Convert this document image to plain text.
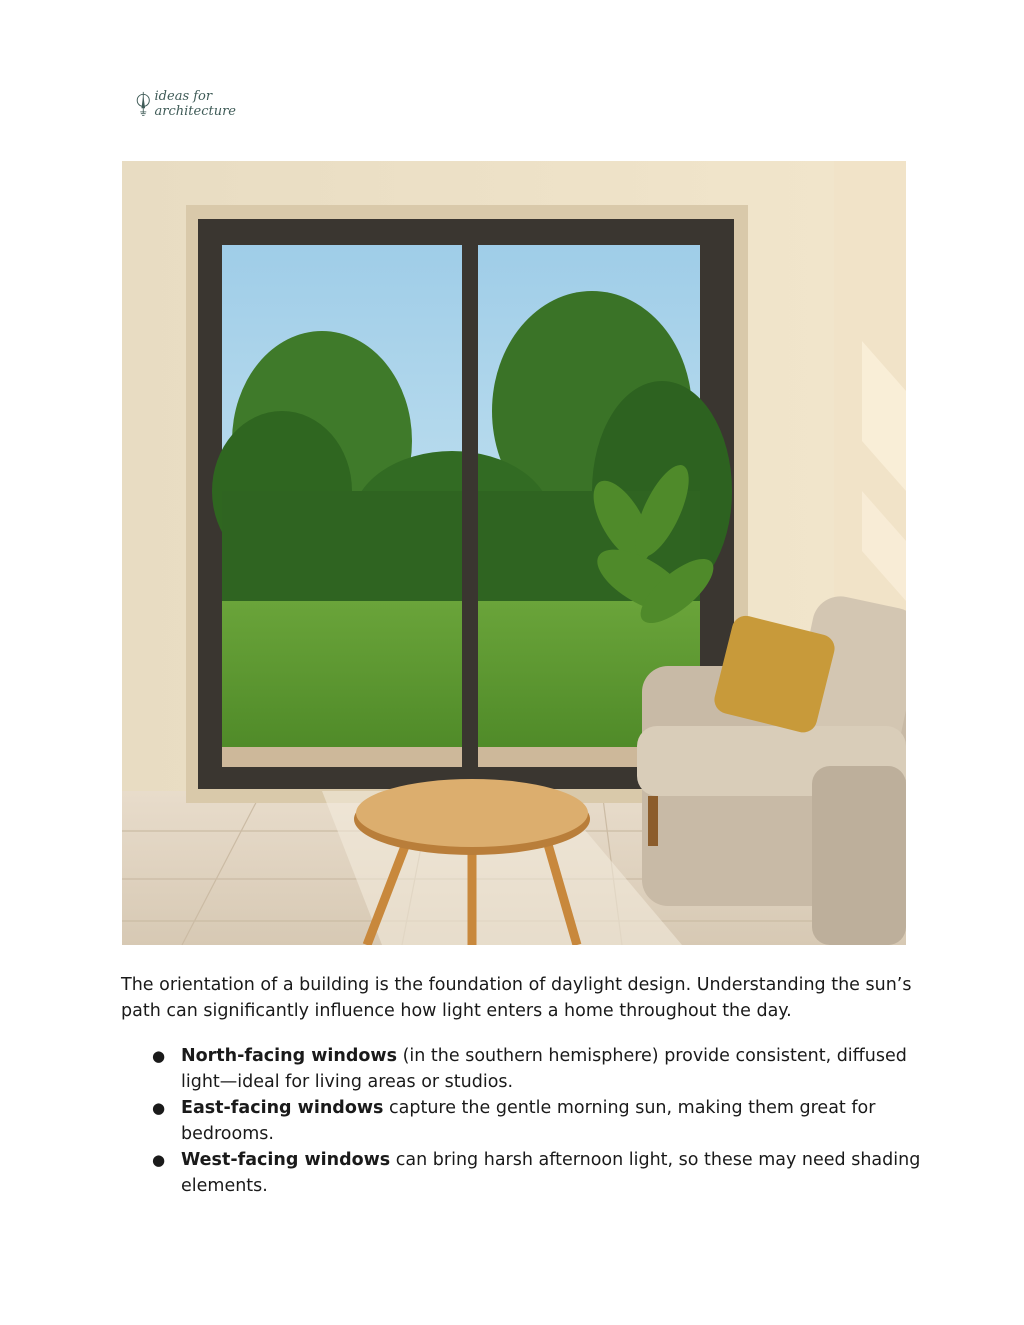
ideas for
architecture

The orientation of a building is the foundation of daylight design. Understanding the sun’s path can significantly influence how light enters a home throughout the day.

● North-facing windows (in the southern hemisphere) provide consistent, diffused light—ideal for living areas or studios.
● East-facing windows capture the gentle morning sun, making them great for bedrooms.
● West-facing windows can bring harsh afternoon light, so these may need shading elements.
